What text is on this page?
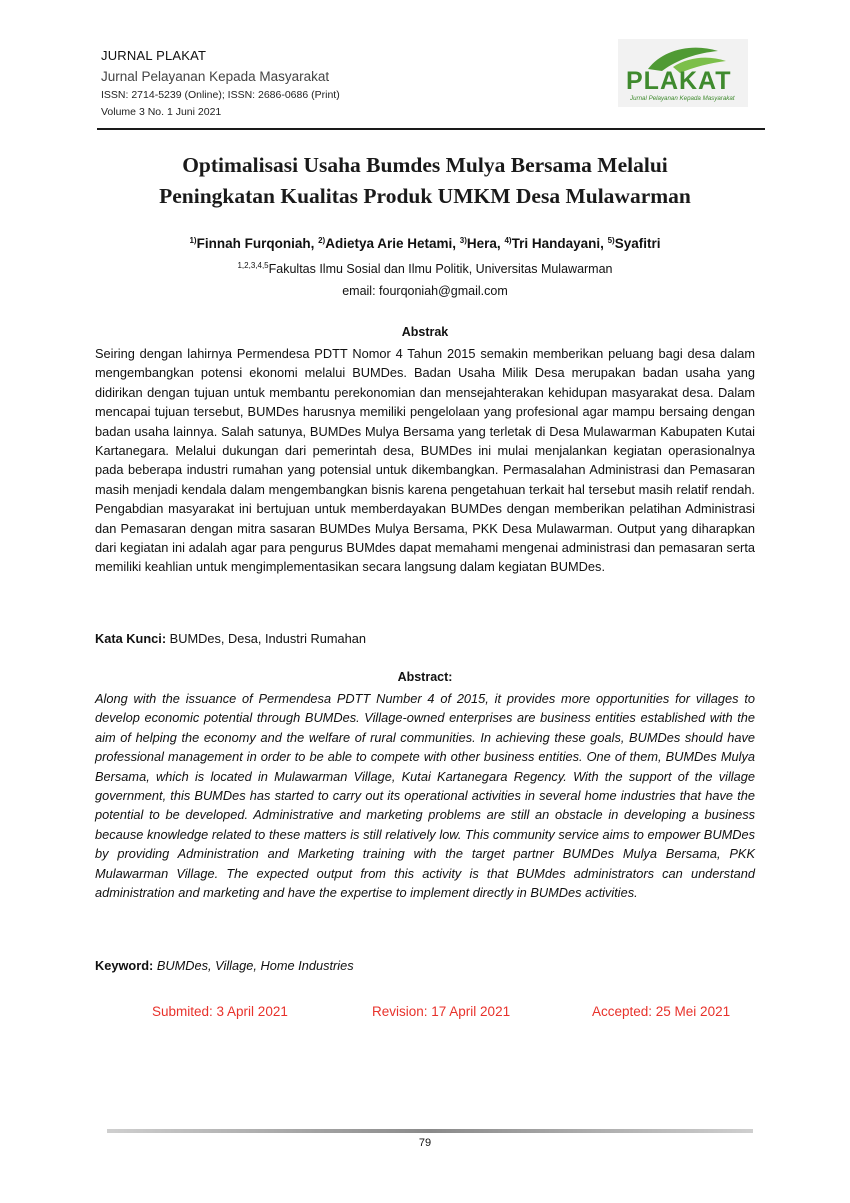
JURNAL PLAKAT
Jurnal Pelayanan Kepada Masyarakat
ISSN: 2714-5239 (Online); ISSN: 2686-0686 (Print)
Volume 3 No. 1 Juni 2021
PLAKAT
Jurnal Pelayanan Kepada Masyarakat
Optimalisasi Usaha Bumdes Mulya Bersama Melalui
Peningkatan Kualitas Produk UMKM Desa Mulawarman
$^{1)}$Finnah Furqoniah, $^{2)}$Adietya Arie Hetami, $^{3)}$Hera, $^{4)}$Tri Handayani, $^{5)}$Syafitri
$^{1,2,3,4,5}$Fakultas Ilmu Sosial dan Ilmu Politik, Universitas Mulawarman
email: fourqoniah@gmail.com
Abstrak

Seiring dengan lahirnya Permendesa PDTT Nomor 4 Tahun 2015 semakin memberikan peluang bagi desa dalam mengembangkan potensi ekonomi melalui BUMDes. Badan Usaha Milik Desa merupakan badan usaha yang didirikan dengan tujuan untuk membantu perekonomian dan mensejahterakan kehidupan masyarakat desa. Dalam mencapai tujuan tersebut, BUMDes harusnya memiliki pengelolaan yang profesional agar mampu bersaing dengan badan usaha lainnya. Salah satunya, BUMDes Mulya Bersama yang terletak di Desa Mulawarman Kabupaten Kutai Kartanegara. Melalui dukungan dari pemerintah desa, BUMDes ini mulai menjalankan kegiatan operasionalnya pada beberapa industri rumahan yang potensial untuk dikembangkan. Permasalahan Administrasi dan Pemasaran masih menjadi kendala dalam mengembangkan bisnis karena pengetahuan terkait hal tersebut masih relatif rendah. Pengabdian masyarakat ini bertujuan untuk memberdayakan BUMDes dengan memberikan pelatihan Administrasi dan Pemasaran dengan mitra sasaran BUMDes Mulya Bersama, PKK Desa Mulawarman. Output yang diharapkan dari kegiatan ini adalah agar para pengurus BUMdes dapat memahami mengenai administrasi dan pemasaran serta memiliki keahlian untuk mengimplementasikan secara langsung dalam kegiatan BUMDes.

Kata Kunci: BUMDes, Desa, Industri Rumahan
Abstract:

Along with the issuance of Permendesa PDTT Number 4 of 2015, it provides more opportunities for villages to develop economic potential through BUMDes. Village-owned enterprises are business entities established with the aim of helping the economy and the welfare of rural communities. In achieving these goals, BUMDes should have professional management in order to be able to compete with other business entities. One of them, BUMDes Mulya Bersama, which is located in Mulawarman Village, Kutai Kartanegara Regency. With the support of the village government, this BUMDes has started to carry out its operational activities in several home industries that have the potential to be developed. Administrative and marketing problems are still an obstacle in developing a business because knowledge related to these matters is still relatively low. This community service aims to empower BUMDes by providing Administration and Marketing training with the target partner BUMDes Mulya Bersama, PKK Mulawarman Village. The expected output from this activity is that BUMdes administrators can understand administration and marketing and have the expertise to implement directly in BUMDes activities.

Keyword: BUMDes, Village, Home Industries
Submited: 3 April 2021	Revision: 17 April 2021	Accepted: 25 Mei 2021
79
